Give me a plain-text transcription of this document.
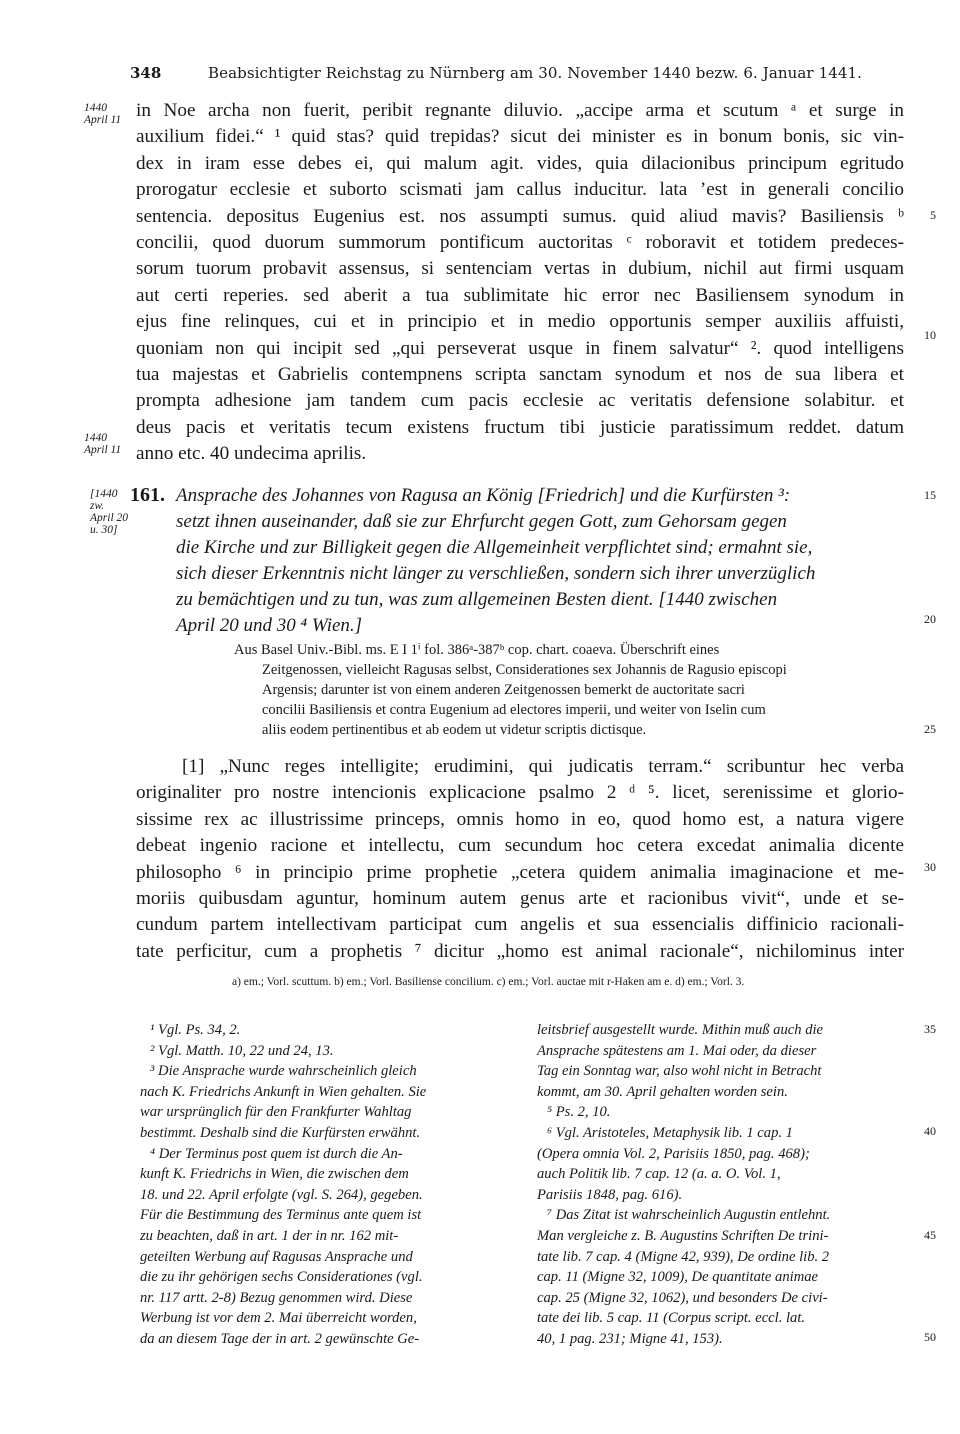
348	Beabsichtigter Reichstag zu Nürnberg am 30. November 1440 bezw. 6. Januar 1441.
1440
April 11 in Noe archa non fuerit, peribit regnante diluvio. „accipe arma et scutum ᵃ et surge in
auxilium fidei.“ ¹ quid stas? quid trepidas? sicut dei minister es in bonum bonis, sic vin-
dex in iram esse debes ei, qui malum agit. vides, quia dilacionibus principum egritudo
prorogatur ecclesie et suborto scismati jam callus inducitur. lata ʼest in generali concilio
sentencia. depositus Eugenius est. nos assumpti sumus. quid aliud mavis? Basiliensis ᵇ
concilii, quod duorum summorum pontificum auctoritas ᶜ roboravit et totidem predeces-
sorum tuorum probavit assensus, si sentenciam vertas in dubium, nichil aut firmi usquam
aut certi reperies. sed aberit a tua sublimitate hic error nec Basiliensem synodum in
ejus fine relinques, cui et in principio et in medio opportunis semper auxiliis affuisti,
quoniam non qui incipit sed „qui perseverat usque in finem salvatur“ ². quod intelligens
tua majestas et Gabrielis contempnens scripta sanctam synodum et nos de sua libera et
prompta adhesione jam tandem cum pacis ecclesie ac veritatis defensione solabitur. et
deus pacis et veritatis tecum existens fructum tibi justicie paratissimum reddet. datum
anno etc. 40 undecima aprilis.
1440
April 11
5
10
[1440
zw.
April 20
u. 30]
161. Ansprache des Johannes von Ragusa an König [Friedrich] und die Kurfürsten ³:
setzt ihnen auseinander, daß sie zur Ehrfurcht gegen Gott, zum Gehorsam gegen
die Kirche und zur Billigkeit gegen die Allgemeinheit verpflichtet sind; ermahnt sie,
sich dieser Erkenntnis nicht länger zu verschließen, sondern sich ihrer unverzüglich
zu bemächtigen und zu tun, was zum allgemeinen Besten dient. [1440 zwischen
April 20 und 30 ⁴ Wien.]
15
20
Aus Basel Univ.-Bibl. ms. E I 1ⁱ fol. 386ᵃ-387ᵇ cop. chart. coaeva. Überschrift eines
Zeitgenossen, vielleicht Ragusas selbst, Considerationes sex Johannis de Ragusio episcopi
Argensis; darunter ist von einem anderen Zeitgenossen bemerkt de auctoritate sacri
concilii Basiliensis et contra Eugenium ad electores imperii, und weiter von Iselin cum
aliis eodem pertinentibus et ab eodem ut videtur scriptis dictisque.	25
[1] „Nunc reges intelligite; erudimini, qui judicatis terram.“ scribuntur hec verba
originaliter pro nostre intencionis explicacione psalmo 2 ᵈ ⁵. licet, serenissime et glorio-
sissime rex ac illustrissime princeps, omnis homo in eo, quod homo est, a natura vigere
debeat ingenio racione et intellectu, cum secundum hoc cetera excedat animalia dicente
philosopho ⁶ in principio prime prophetie „cetera quidem animalia imaginacione et me-
moriis quibusdam aguntur, hominum autem genus arte et racionibus vivit“, unde et se-
cundum partem intellectivam participat cum angelis et sua essencialis diffinicio racionali-
tate perficitur, cum a prophetis ⁷ dicitur „homo est animal racionale“, nichilominus inter
30
a) em.; Vorl. scuttum. b) em.; Vorl. Basiliense concilium. c) em.; Vorl. auctae mit r-Haken am e. d) em.; Vorl. 3.
¹ Vgl. Ps. 34, 2.
² Vgl. Matth. 10, 22 und 24, 13.
³ Die Ansprache wurde wahrscheinlich gleich
nach K. Friedrichs Ankunft in Wien gehalten. Sie
war ursprünglich für den Frankfurter Wahltag
bestimmt. Deshalb sind die Kurfürsten erwähnt.
⁴ Der Terminus post quem ist durch die An-
kunft K. Friedrichs in Wien, die zwischen dem
18. und 22. April erfolgte (vgl. S. 264), gegeben.
Für die Bestimmung des Terminus ante quem ist
zu beachten, daß in art. 1 der in nr. 162 mit-
geteilten Werbung auf Ragusas Ansprache und
die zu ihr gehörigen sechs Considerationes (vgl.
nr. 117 artt. 2-8) Bezug genommen wird. Diese
Werbung ist vor dem 2. Mai überreicht worden,
da an diesem Tage der in art. 2 gewünschte Ge-
leitsbrief ausgestellt wurde. Mithin muß auch die
Ansprache spätestens am 1. Mai oder, da dieser
Tag ein Sonntag war, also wohl nicht in Betracht
kommt, am 30. April gehalten worden sein.
⁵ Ps. 2, 10.
⁶ Vgl. Aristoteles, Metaphysik lib. 1 cap. 1
(Opera omnia Vol. 2, Parisiis 1850, pag. 468);
auch Politik lib. 7 cap. 12 (a. a. O. Vol. 1,
Parisiis 1848, pag. 616).
⁷ Das Zitat ist wahrscheinlich Augustin entlehnt.
Man vergleiche z. B. Augustins Schriften De trini-
tate lib. 7 cap. 4 (Migne 42, 939), De ordine lib. 2
cap. 11 (Migne 32, 1009), De quantitate animae
cap. 25 (Migne 32, 1062), und besonders De civi-
tate dei lib. 5 cap. 11 (Corpus script. eccl. lat.
40, 1 pag. 231; Migne 41, 153).
35
40
45
50
